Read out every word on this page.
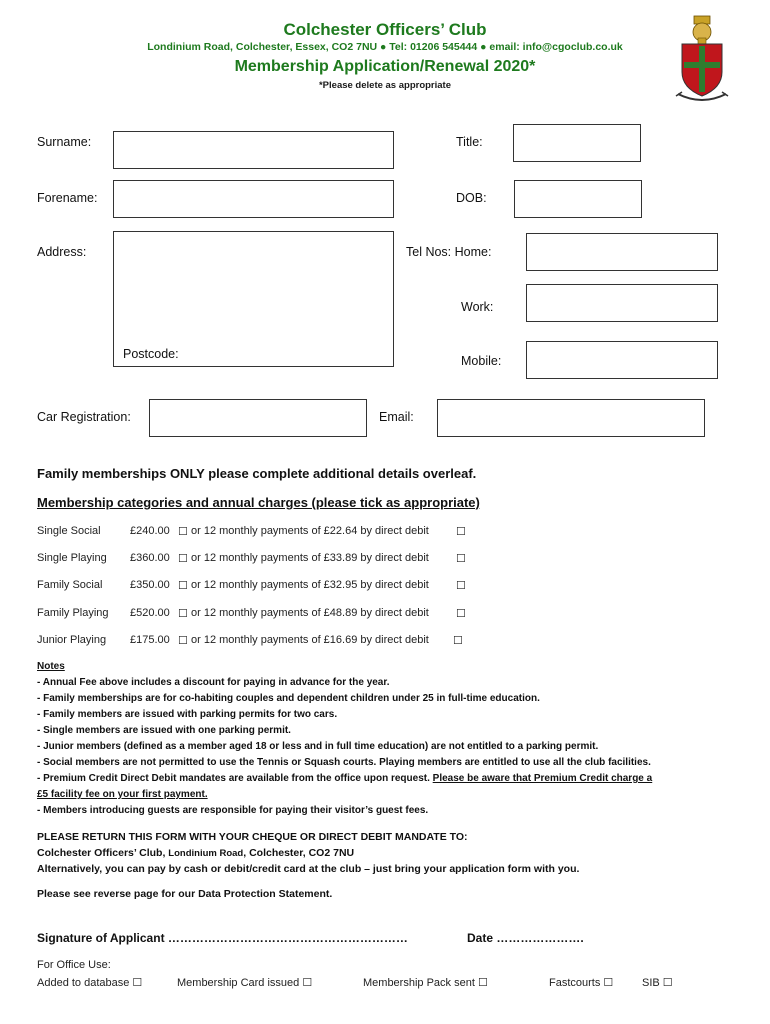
Colchester Officers’ Club
Londinium Road, Colchester, Essex, CO2 7NU ● Tel: 01206 545444 ● email: info@cgoclub.co.uk
Membership Application/Renewal 2020*
*Please delete as appropriate
Surname:	Title:
Forename:	DOB:
Address:
Postcode:
Tel Nos: Home:
Work:
Mobile:
Car Registration:	Email:
Family memberships ONLY please complete additional details overleaf.
Membership categories and annual charges (please tick as appropriate)
Single Social	£240.00 ☐ or 12 monthly payments of £22.64 by direct debit ☐
Single Playing £360.00 ☐ or 12 monthly payments of £33.89 by direct debit ☐
Family Social	£350.00 ☐ or 12 monthly payments of £32.95 by direct debit ☐
Family Playing £520.00 ☐ or 12 monthly payments of £48.89 by direct debit ☐
Junior Playing £175.00 ☐ or 12 monthly payments of £16.69 by direct debit ☐
Notes
- Annual Fee above includes a discount for paying in advance for the year.
- Family memberships are for co-habiting couples and dependent children under 25 in full-time education.
- Family members are issued with parking permits for two cars.
- Single members are issued with one parking permit.
- Junior members (defined as a member aged 18 or less and in full time education) are not entitled to a parking permit.
- Social members are not permitted to use the Tennis or Squash courts. Playing members are entitled to use all the club facilities.
- Premium Credit Direct Debit mandates are available from the office upon request. Please be aware that Premium Credit charge a
£5 facility fee on your first payment.
- Members introducing guests are responsible for paying their visitor’s guest fees.
PLEASE RETURN THIS FORM WITH YOUR CHEQUE OR DIRECT DEBIT MANDATE TO:
Colchester Officers’ Club, Londinium Road, Colchester, CO2 7NU
Alternatively, you can pay by cash or debit/credit card at the club – just bring your application form with you.
Please see reverse page for our Data Protection Statement.
Signature of Applicant ……………………………………………………	Date ………………….
For Office Use:
Added to database ☐	Membership Card issued ☐	Membership Pack sent ☐	Fastcourts ☐	SIB ☐
